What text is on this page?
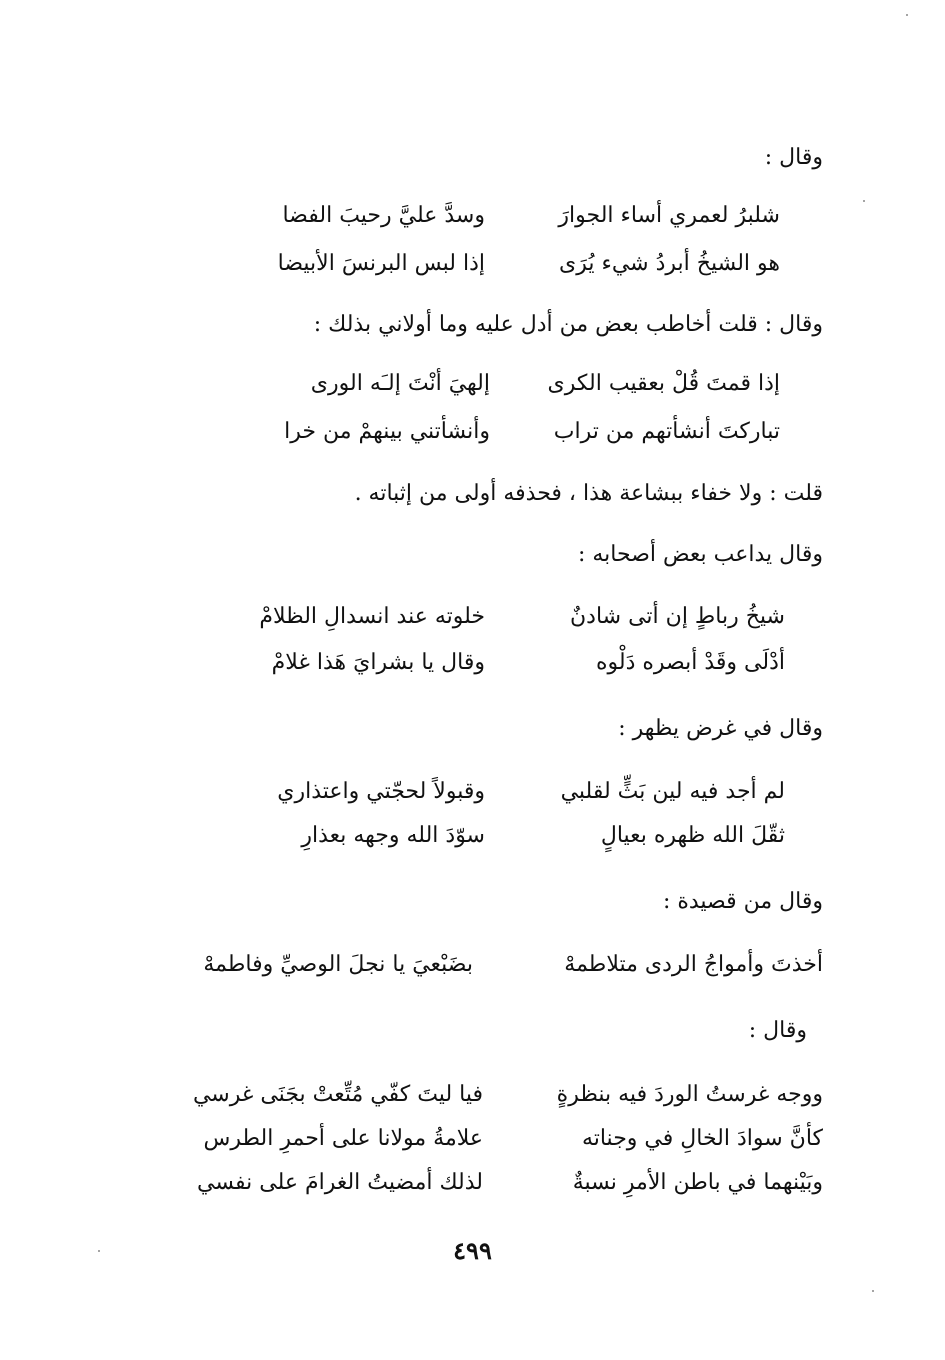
وقال :
شلبرُ لعمري أساء الجوارَ
وسدَّ عليَّ رحيبَ الفضا
هو الشيخُ أبردُ شيء يُرَى
إذا لبس البرنسَ الأبيضا
وقال : قلت أخاطب بعض من أدل عليه وما أولاني بذلك :
إذا قمتَ قُلْ بعقيب الكرى
إلهيَ أنْتَ إلـَه الورى
تباركتَ أنشأتهم من تراب
وأنشأتني بينهمْ من خرا
قلت : ولا خفاء ببشاعة هذا ، فحذفه أولى من إثباته .
وقال يداعب بعض أصحابه :
شيخُ رباطٍ إن أتى شادنٌ
خلوته عند انسدالِ الظلامْ
أدْلَى وقَدْ أبصره دَلْوه
وقال يا بشرايَ هَذا غلامْ
وقال في غرض يظهر :
لم أجد فيه لين بَثٍّ لقلبي
وقبولاً لحجّتي واعتذاري
ثقّلَ الله ظهره بعيالٍ
سوّدَ الله وجهه بعذارِ
وقال من قصيدة :
أخذتَ وأمواجُ الردى متلاطمهْ
بضَبْعيَ يا نجلَ الوصيِّ وفاطمهْ
وقال :
ووجه غرستُ الوردَ فيه بنظرةٍ
فيا ليتَ كفّي مُتِّعتْ بجَنَى غرسي
كأنَّ سوادَ الخالِ في وجناته
علامةُ مولانا على أحمرِ الطرس
وبَيْنهما في باطن الأمرِ نسبةٌ
لذلك أمضيتُ الغرامَ على نفسي
٤٩٩
